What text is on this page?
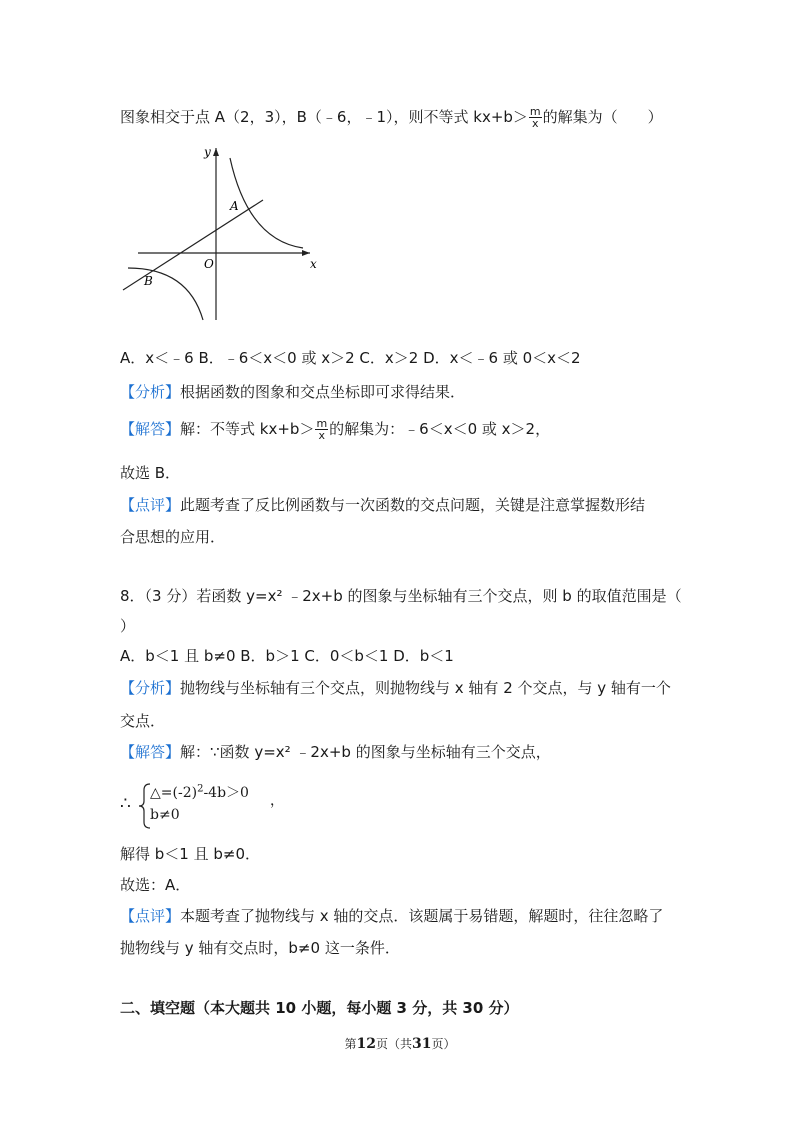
图象相交于点 A（2，3），B（﹣6，﹣1），则不等式 $kx+b> \frac{m}{x}$ 的解集为（　　）
y
x
O
A
B
A．x＜﹣6 B．﹣6＜x＜0 或 x＞2 C．x＞2 D．x＜﹣6 或 0＜x＜2
【分析】根据函数的图象和交点坐标即可求得结果．
【解答】解：不等式 $kx+b> \frac{m}{x}$ 的解集为：﹣6＜x＜0 或 x＞2，
故选 B．
【点评】此题考查了反比例函数与一次函数的交点问题，关键是注意掌握数形结
合思想的应用．
8．（3 分）若函数 y=x² ﹣2x+b 的图象与坐标轴有三个交点，则 b 的取值范围是（
）
A．b＜1 且 b≠0 B．b＞1 C．0＜b＜1 D．b＜1
【分析】抛物线与坐标轴有三个交点，则抛物线与 x 轴有 2 个交点，与 y 轴有一个
交点．
【解答】解：∵函数 y=x² ﹣2x+b 的图象与坐标轴有三个交点，
∴
$\triangle=(-2)^2-4b>0$
b≠0
，
解得 b＜1 且 b≠0．
故选：A．
【点评】本题考查了抛物线与 x 轴的交点．该题属于易错题，解题时，往往忽略了
抛物线与 y 轴有交点时，b≠0 这一条件．
二、填空题（本大题共 10 小题，每小题 3 分，共 30 分）
第12页（共31页）
